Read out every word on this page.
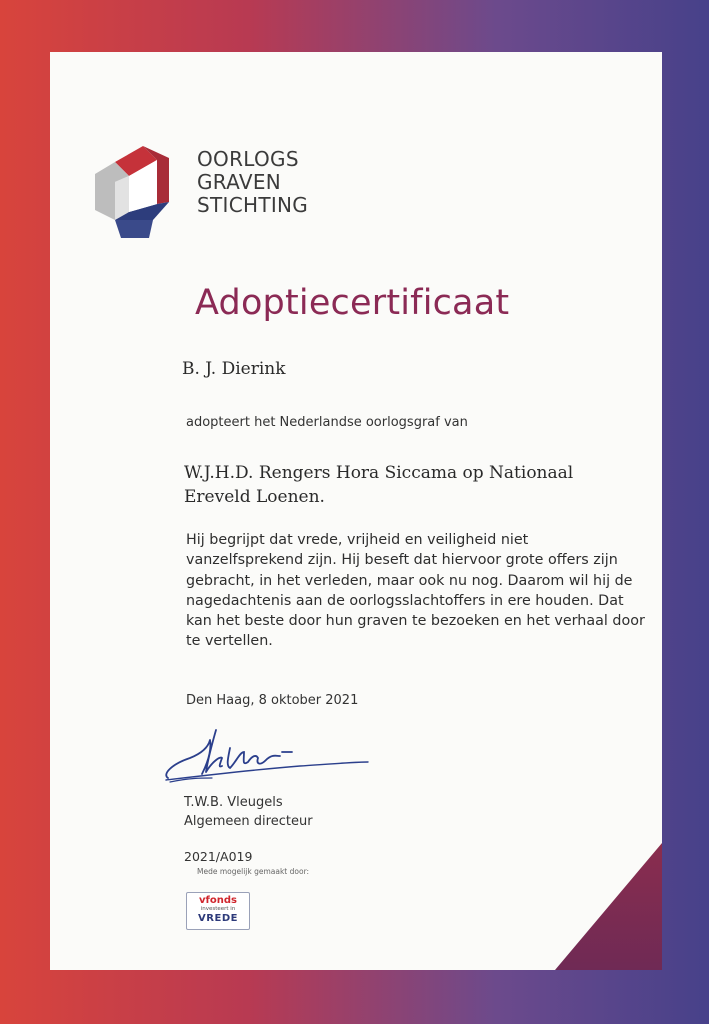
OORLOGS
GRAVEN
STICHTING
Adoptiecertificaat
B. J. Dierink
adopteert het Nederlandse oorlogsgraf van
W.J.H.D. Rengers Hora Siccama op Nationaal
Ereveld Loenen.
Hij begrijpt dat vrede, vrijheid en veiligheid niet
vanzelfsprekend zijn. Hij beseft dat hiervoor grote offers zijn
gebracht, in het verleden, maar ook nu nog. Daarom wil hij de
nagedachtenis aan de oorlogsslachtoffers in ere houden. Dat
kan het beste door hun graven te bezoeken en het verhaal door
te vertellen.
Den Haag, 8 oktober 2021
T.W.B. Vleugels
Algemeen directeur
2021/A019
Mede mogelijk gemaakt door:
vfonds
investeert in
VREDE
